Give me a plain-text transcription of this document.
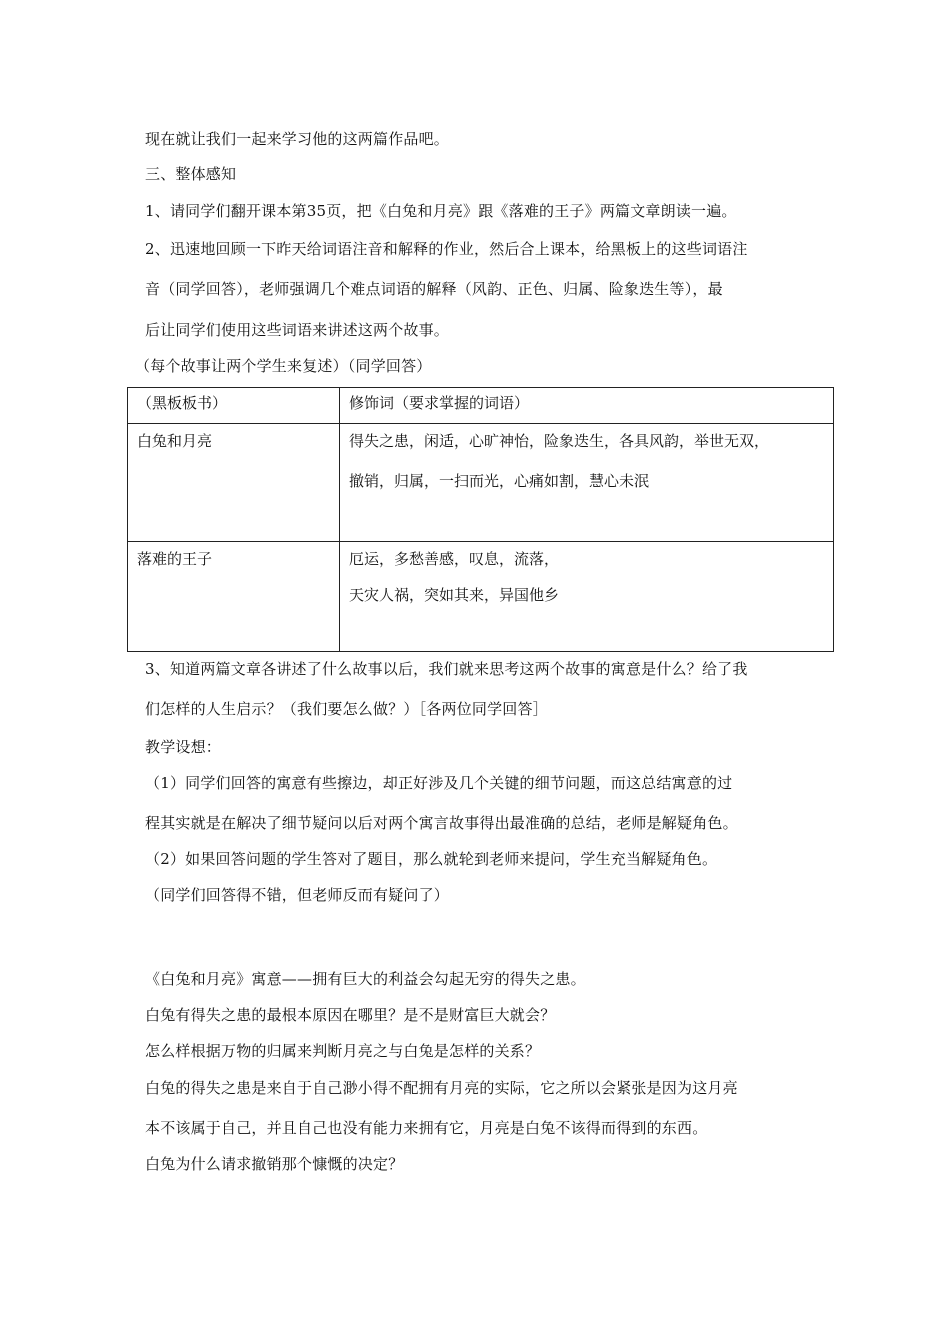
现在就让我们一起来学习他的这两篇作品吧。
三、整体感知
1、请同学们翻开课本第35页，把《白兔和月亮》跟《落难的王子》两篇文章朗读一遍。
2、迅速地回顾一下昨天给词语注音和解释的作业，然后合上课本，给黑板上的这些词语注
音（同学回答），老师强调几个难点词语的解释（风韵、正色、归属、险象迭生等），最
后让同学们使用这些词语来讲述这两个故事。
（每个故事让两个学生来复述）（同学回答）
（黑板板书）	修饰词（要求掌握的词语）
白兔和月亮	得失之患，闲适，心旷神怡，险象迭生，各具风韵，举世无双，
撤销，归属，一扫而光，心痛如割，慧心未泯

落难的王子	厄运，多愁善感，叹息，流落，
天灾人祸，突如其来，异国他乡
3、知道两篇文章各讲述了什么故事以后，我们就来思考这两个故事的寓意是什么？给了我
们怎样的人生启示？（我们要怎么做？）［各两位同学回答］
教学设想：
（1）同学们回答的寓意有些擦边，却正好涉及几个关键的细节问题，而这总结寓意的过
程其实就是在解决了细节疑问以后对两个寓言故事得出最准确的总结，老师是解疑角色。
（2）如果回答问题的学生答对了题目，那么就轮到老师来提问，学生充当解疑角色。
（同学们回答得不错，但老师反而有疑问了）
《白兔和月亮》寓意——拥有巨大的利益会勾起无穷的得失之患。
白兔有得失之患的最根本原因在哪里？是不是财富巨大就会？
怎么样根据万物的归属来判断月亮之与白兔是怎样的关系？
白兔的得失之患是来自于自己渺小得不配拥有月亮的实际，它之所以会紧张是因为这月亮
本不该属于自己，并且自己也没有能力来拥有它，月亮是白兔不该得而得到的东西。
白兔为什么请求撤销那个慷慨的决定？
